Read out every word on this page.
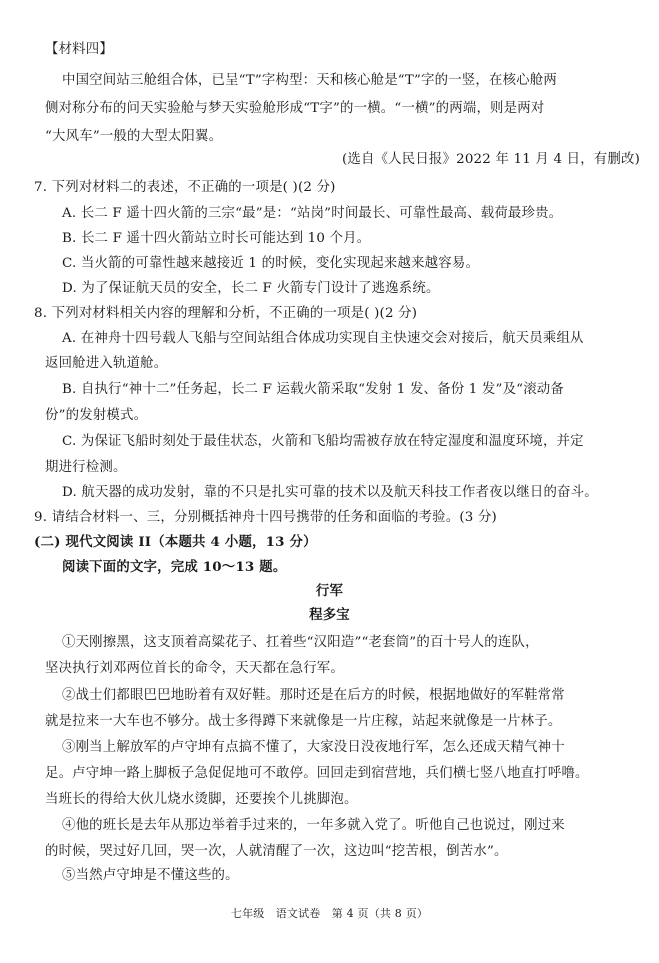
【材料四】
中国空间站三舱组合体，已呈“T”字构型：天和核心舱是“T”字的一竖，在核心舱两
侧对称分布的问天实验舱与梦天实验舱形成“T字”的一横。“一横”的两端，则是两对
“大风车”一般的大型太阳翼。
(选自《人民日报》2022 年 11 月 4 日，有删改)
7. 下列对材料二的表述，不正确的一项是( )(2 分)
A. 长二 F 遥十四火箭的三宗“最”是：“站岗”时间最长、可靠性最高、载荷最珍贵。
B. 长二 F 遥十四火箭站立时长可能达到 10 个月。
C. 当火箭的可靠性越来越接近 1 的时候，变化实现起来越来越容易。
D. 为了保证航天员的安全，长二 F 火箭专门设计了逃逸系统。
8. 下列对材料相关内容的理解和分析，不正确的一项是( )(2 分)
A. 在神舟十四号载人飞船与空间站组合体成功实现自主快速交会对接后，航天员乘组从
返回舱进入轨道舱。
B. 自执行“神十二”任务起，长二 F 运载火箭采取“发射 1 发、备份 1 发”及“滚动备
份”的发射模式。
C. 为保证飞船时刻处于最佳状态，火箭和飞船均需被存放在特定湿度和温度环境，并定
期进行检测。
D. 航天器的成功发射，靠的不只是扎实可靠的技术以及航天科技工作者夜以继日的奋斗。
9. 请结合材料一、三，分别概括神舟十四号携带的任务和面临的考验。(3 分)
(二) 现代文阅读 II（本题共 4 小题，13 分）
阅读下面的文字，完成 10～13 题。
行军
程多宝
①天刚擦黑，这支顶着高粱花子、扛着些“汉阳造”“老套筒”的百十号人的连队，
坚决执行刘邓两位首长的命令，天天都在急行军。
②战士们都眼巴巴地盼着有双好鞋。那时还是在后方的时候，根据地做好的军鞋常常
就是拉来一大车也不够分。战士多得蹲下来就像是一片庄稼，站起来就像是一片林子。
③刚当上解放军的卢守坤有点搞不懂了，大家没日没夜地行军，怎么还成天精气神十
足。卢守坤一路上脚板子急促促地可不敢停。回回走到宿营地，兵们横七竖八地直打呼噜。
当班长的得给大伙儿烧水烫脚，还要挨个儿挑脚泡。
④他的班长是去年从那边举着手过来的，一年多就入党了。听他自己也说过，刚过来
的时候，哭过好几回，哭一次，人就清醒了一次，这边叫“挖苦根，倒苦水”。
⑤当然卢守坤是不懂这些的。
七年级　语文试卷　第 4 页（共 8 页）
